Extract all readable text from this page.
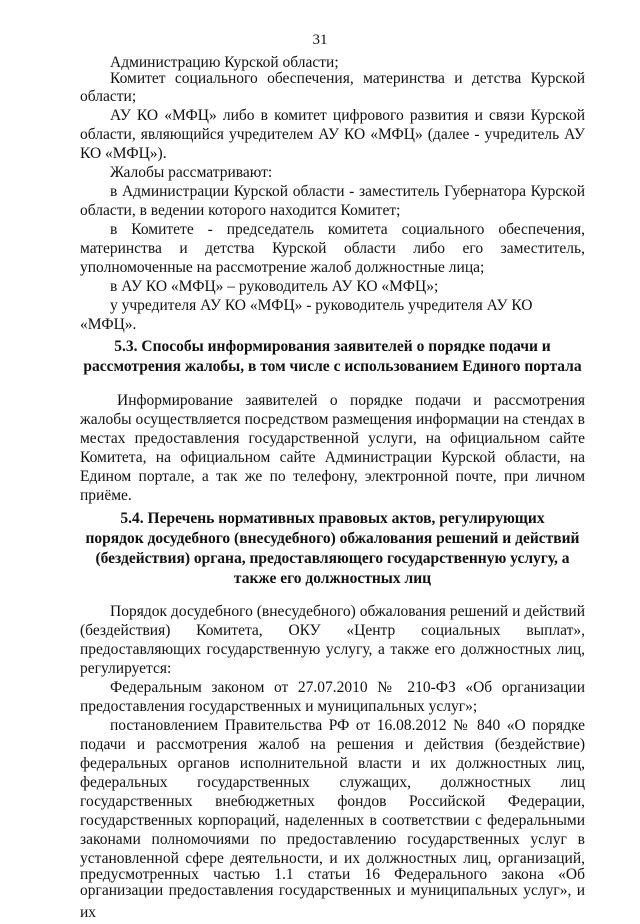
31
Администрацию Курской области;
Комитет социального обеспечения, материнства и детства Курской
области;
АУ КО «МФЦ» либо в комитет цифрового развития и связи Курской
области, являющийся учредителем АУ КО «МФЦ» (далее - учредитель АУ
КО «МФЦ»).
Жалобы рассматривают:
в Администрации Курской области - заместитель Губернатора Курской
области, в ведении которого находится Комитет;
в Комитете - председатель комитета социального обеспечения,
материнства и детства Курской области либо его заместитель,
уполномоченные на рассмотрение жалоб должностные лица;
в АУ КО «МФЦ» – руководитель АУ КО «МФЦ»;
у учредителя АУ КО «МФЦ» - руководитель учредителя АУ КО
«МФЦ».
5.3. Способы информирования заявителей о порядке подачи и
рассмотрения жалобы, в том числе с использованием Единого портала
Информирование заявителей о порядке подачи и рассмотрения
жалобы осуществляется посредством размещения информации на стендах в
местах предоставления государственной услуги, на официальном сайте
Комитета, на официальном сайте Администрации Курской области, на
Едином портале, а так же по телефону, электронной почте, при личном
приёме.
5.4. Перечень нормативных правовых актов, регулирующих
порядок досудебного (внесудебного) обжалования решений и действий
(бездействия) органа, предоставляющего государственную услугу, а
также его должностных лиц
Порядок досудебного (внесудебного) обжалования решений и действий
(бездействия) Комитета, ОКУ «Центр социальных выплат»,
предоставляющих государственную услугу, а также его должностных лиц,
регулируется:
Федеральным законом от 27.07.2010 № 210-ФЗ «Об организации
предоставления государственных и муниципальных услуг»;
постановлением Правительства РФ от 16.08.2012 № 840 «О порядке
подачи и рассмотрения жалоб на решения и действия (бездействие)
федеральных органов исполнительной власти и их должностных лиц,
федеральных государственных служащих, должностных лиц
государственных внебюджетных фондов Российской Федерации,
государственных корпораций, наделенных в соответствии с федеральными
законами полномочиями по предоставлению государственных услуг в
установленной сфере деятельности, и их должностных лиц, организаций,
предусмотренных частью 1.1 статьи 16 Федерального закона «Об
организации предоставления государственных и муниципальных услуг», и их
